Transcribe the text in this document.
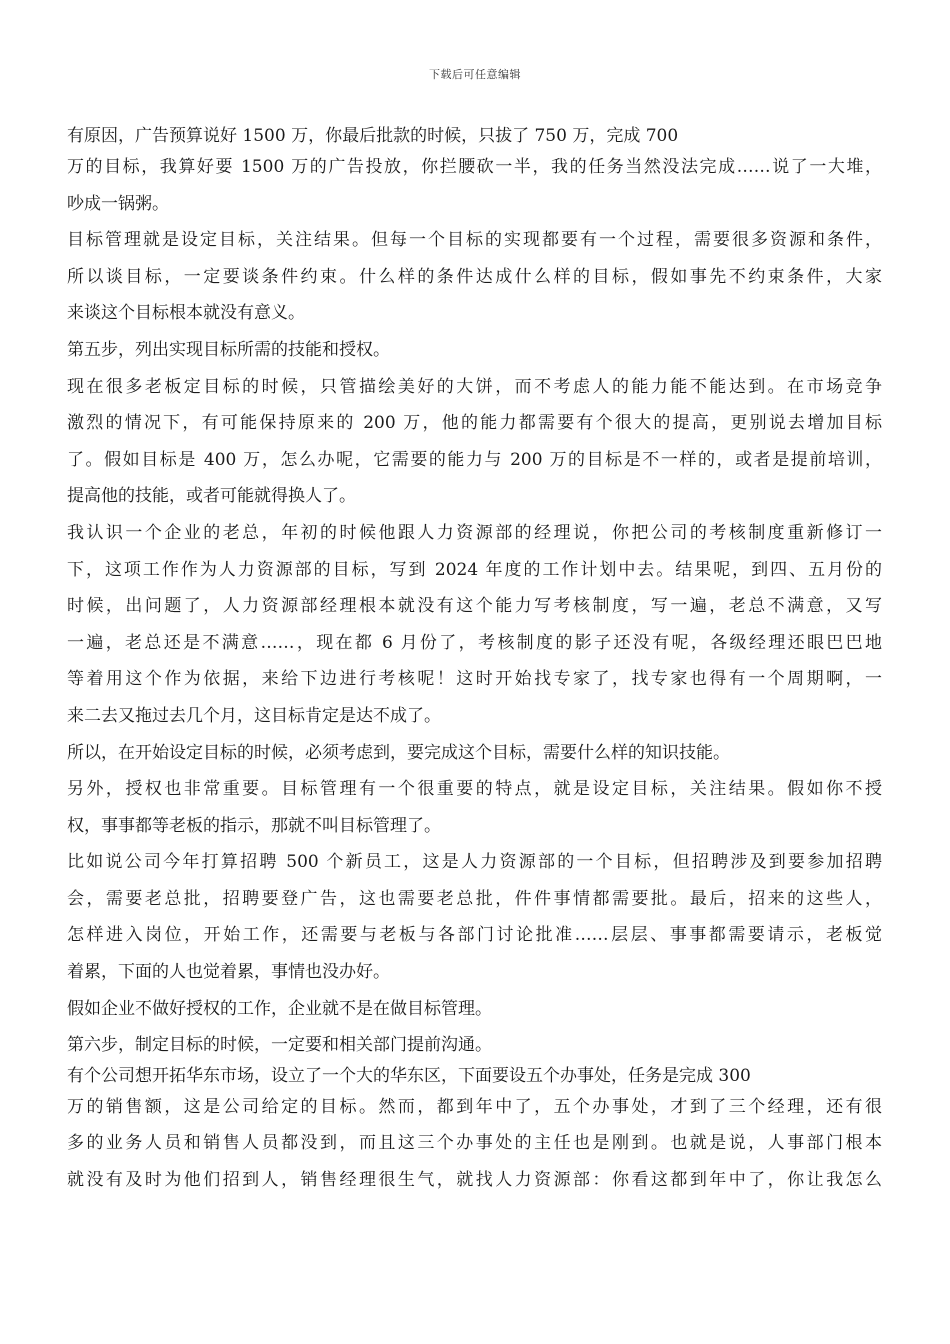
下载后可任意编辑
有原因，广告预算说好 1500 万，你最后批款的时候，只拔了 750 万，完成 700
万的目标，我算好要 1500 万的广告投放，你拦腰砍一半，我的任务当然没法完成……说了一大堆，
吵成一锅粥。
目标管理就是设定目标，关注结果。但每一个目标的实现都要有一个过程，需要很多资源和条件，
所以谈目标，一定要谈条件约束。什么样的条件达成什么样的目标，假如事先不约束条件，大家
来谈这个目标根本就没有意义。
第五步，列出实现目标所需的技能和授权。
现在很多老板定目标的时候，只管描绘美好的大饼，而不考虑人的能力能不能达到。在市场竞争
激烈的情况下，有可能保持原来的 200 万，他的能力都需要有个很大的提高，更别说去增加目标
了。假如目标是 400 万，怎么办呢，它需要的能力与 200 万的目标是不一样的，或者是提前培训，
提高他的技能，或者可能就得换人了。
我认识一个企业的老总，年初的时候他跟人力资源部的经理说，你把公司的考核制度重新修订一
下，这项工作作为人力资源部的目标，写到 2024 年度的工作计划中去。结果呢，到四、五月份的
时候，出问题了，人力资源部经理根本就没有这个能力写考核制度，写一遍，老总不满意，又写
一遍，老总还是不满意……，现在都 6 月份了，考核制度的影子还没有呢，各级经理还眼巴巴地
等着用这个作为依据，来给下边进行考核呢！这时开始找专家了，找专家也得有一个周期啊，一
来二去又拖过去几个月，这目标肯定是达不成了。
所以，在开始设定目标的时候，必须考虑到，要完成这个目标，需要什么样的知识技能。
另外，授权也非常重要。目标管理有一个很重要的特点，就是设定目标，关注结果。假如你不授
权，事事都等老板的指示，那就不叫目标管理了。
比如说公司今年打算招聘 500 个新员工，这是人力资源部的一个目标，但招聘涉及到要参加招聘
会，需要老总批，招聘要登广告，这也需要老总批，件件事情都需要批。最后，招来的这些人，
怎样进入岗位，开始工作，还需要与老板与各部门讨论批准……层层、事事都需要请示，老板觉
着累，下面的人也觉着累，事情也没办好。
假如企业不做好授权的工作，企业就不是在做目标管理。
第六步，制定目标的时候，一定要和相关部门提前沟通。
有个公司想开拓华东市场，设立了一个大的华东区，下面要设五个办事处，任务是完成 300
万的销售额，这是公司给定的目标。然而，都到年中了，五个办事处，才到了三个经理，还有很
多的业务人员和销售人员都没到，而且这三个办事处的主任也是刚到。也就是说，人事部门根本
就没有及时为他们招到人，销售经理很生气，就找人力资源部：你看这都到年中了，你让我怎么
